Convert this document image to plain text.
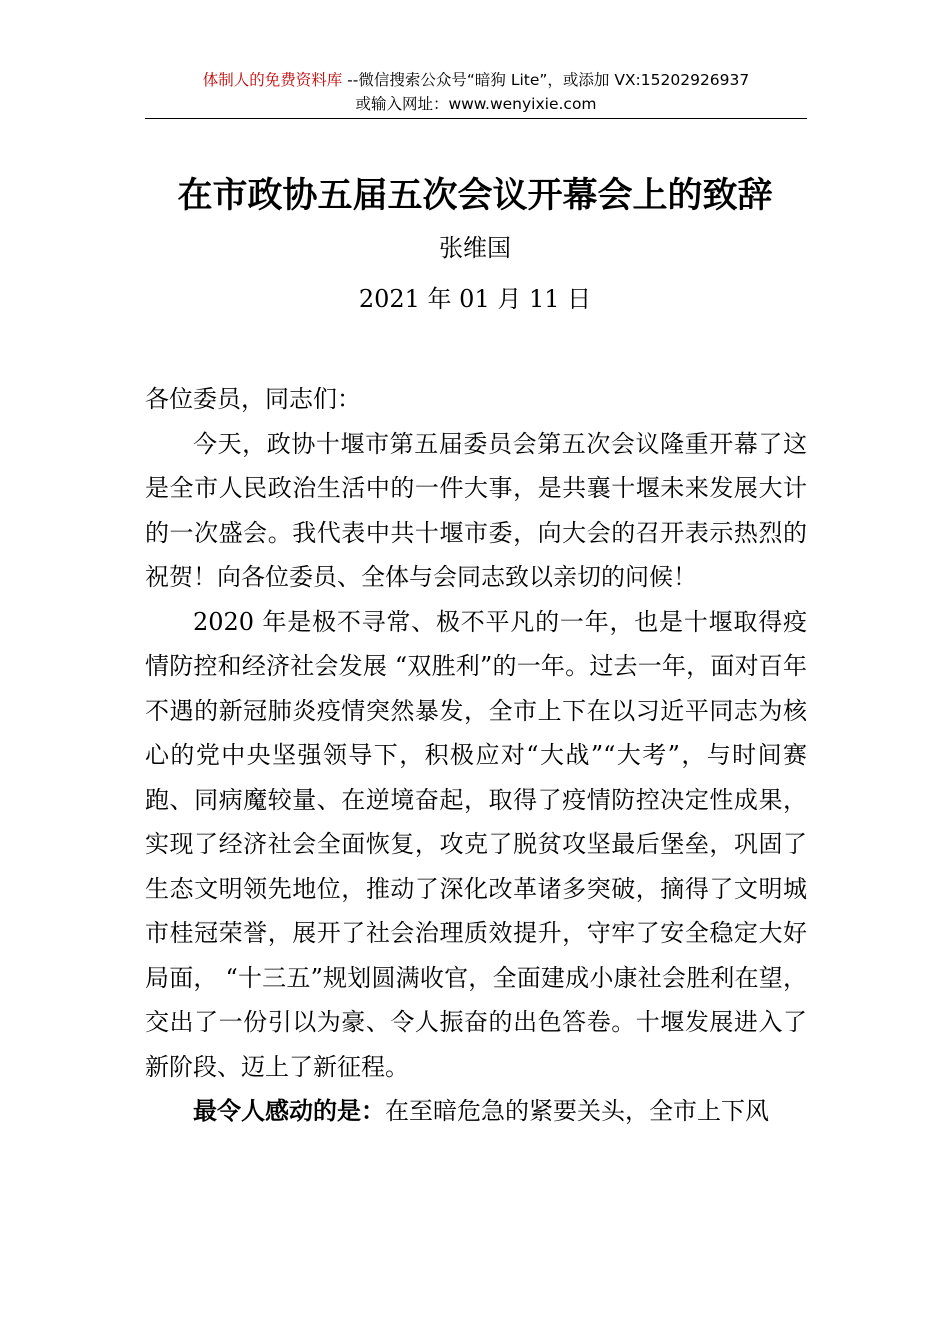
体制人的免费资料库 --微信搜索公众号“暗狗 Lite”，或添加 VX:15202926937
或输入网址：www.wenyixie.com
在市政协五届五次会议开幕会上的致辞
张维国
2021 年 01 月 11 日

各位委员，同志们：

今天，政协十堰市第五届委员会第五次会议隆重开幕了这是全市人民政治生活中的一件大事，是共襄十堰未来发展大计的一次盛会。我代表中共十堰市委，向大会的召开表示热烈的祝贺！向各位委员、全体与会同志致以亲切的问候！

2020 年是极不寻常、极不平凡的一年，也是十堰取得疫情防控和经济社会发展 “双胜利”的一年。过去一年，面对百年不遇的新冠肺炎疫情突然暴发，全市上下在以习近平同志为核心的党中央坚强领导下，积极应对“大战”“大考”，与时间赛跑、同病魔较量、在逆境奋起，取得了疫情防控决定性成果，实现了经济社会全面恢复，攻克了脱贫攻坚最后堡垒，巩固了生态文明领先地位，推动了深化改革诸多突破，摘得了文明城市桂冠荣誉，展开了社会治理质效提升，守牢了安全稳定大好局面， “十三五”规划圆满收官，全面建成小康社会胜利在望，交出了一份引以为豪、令人振奋的出色答卷。十堰发展进入了新阶段、迈上了新征程。

最令人感动的是：在至暗危急的紧要关头，全市上下风
